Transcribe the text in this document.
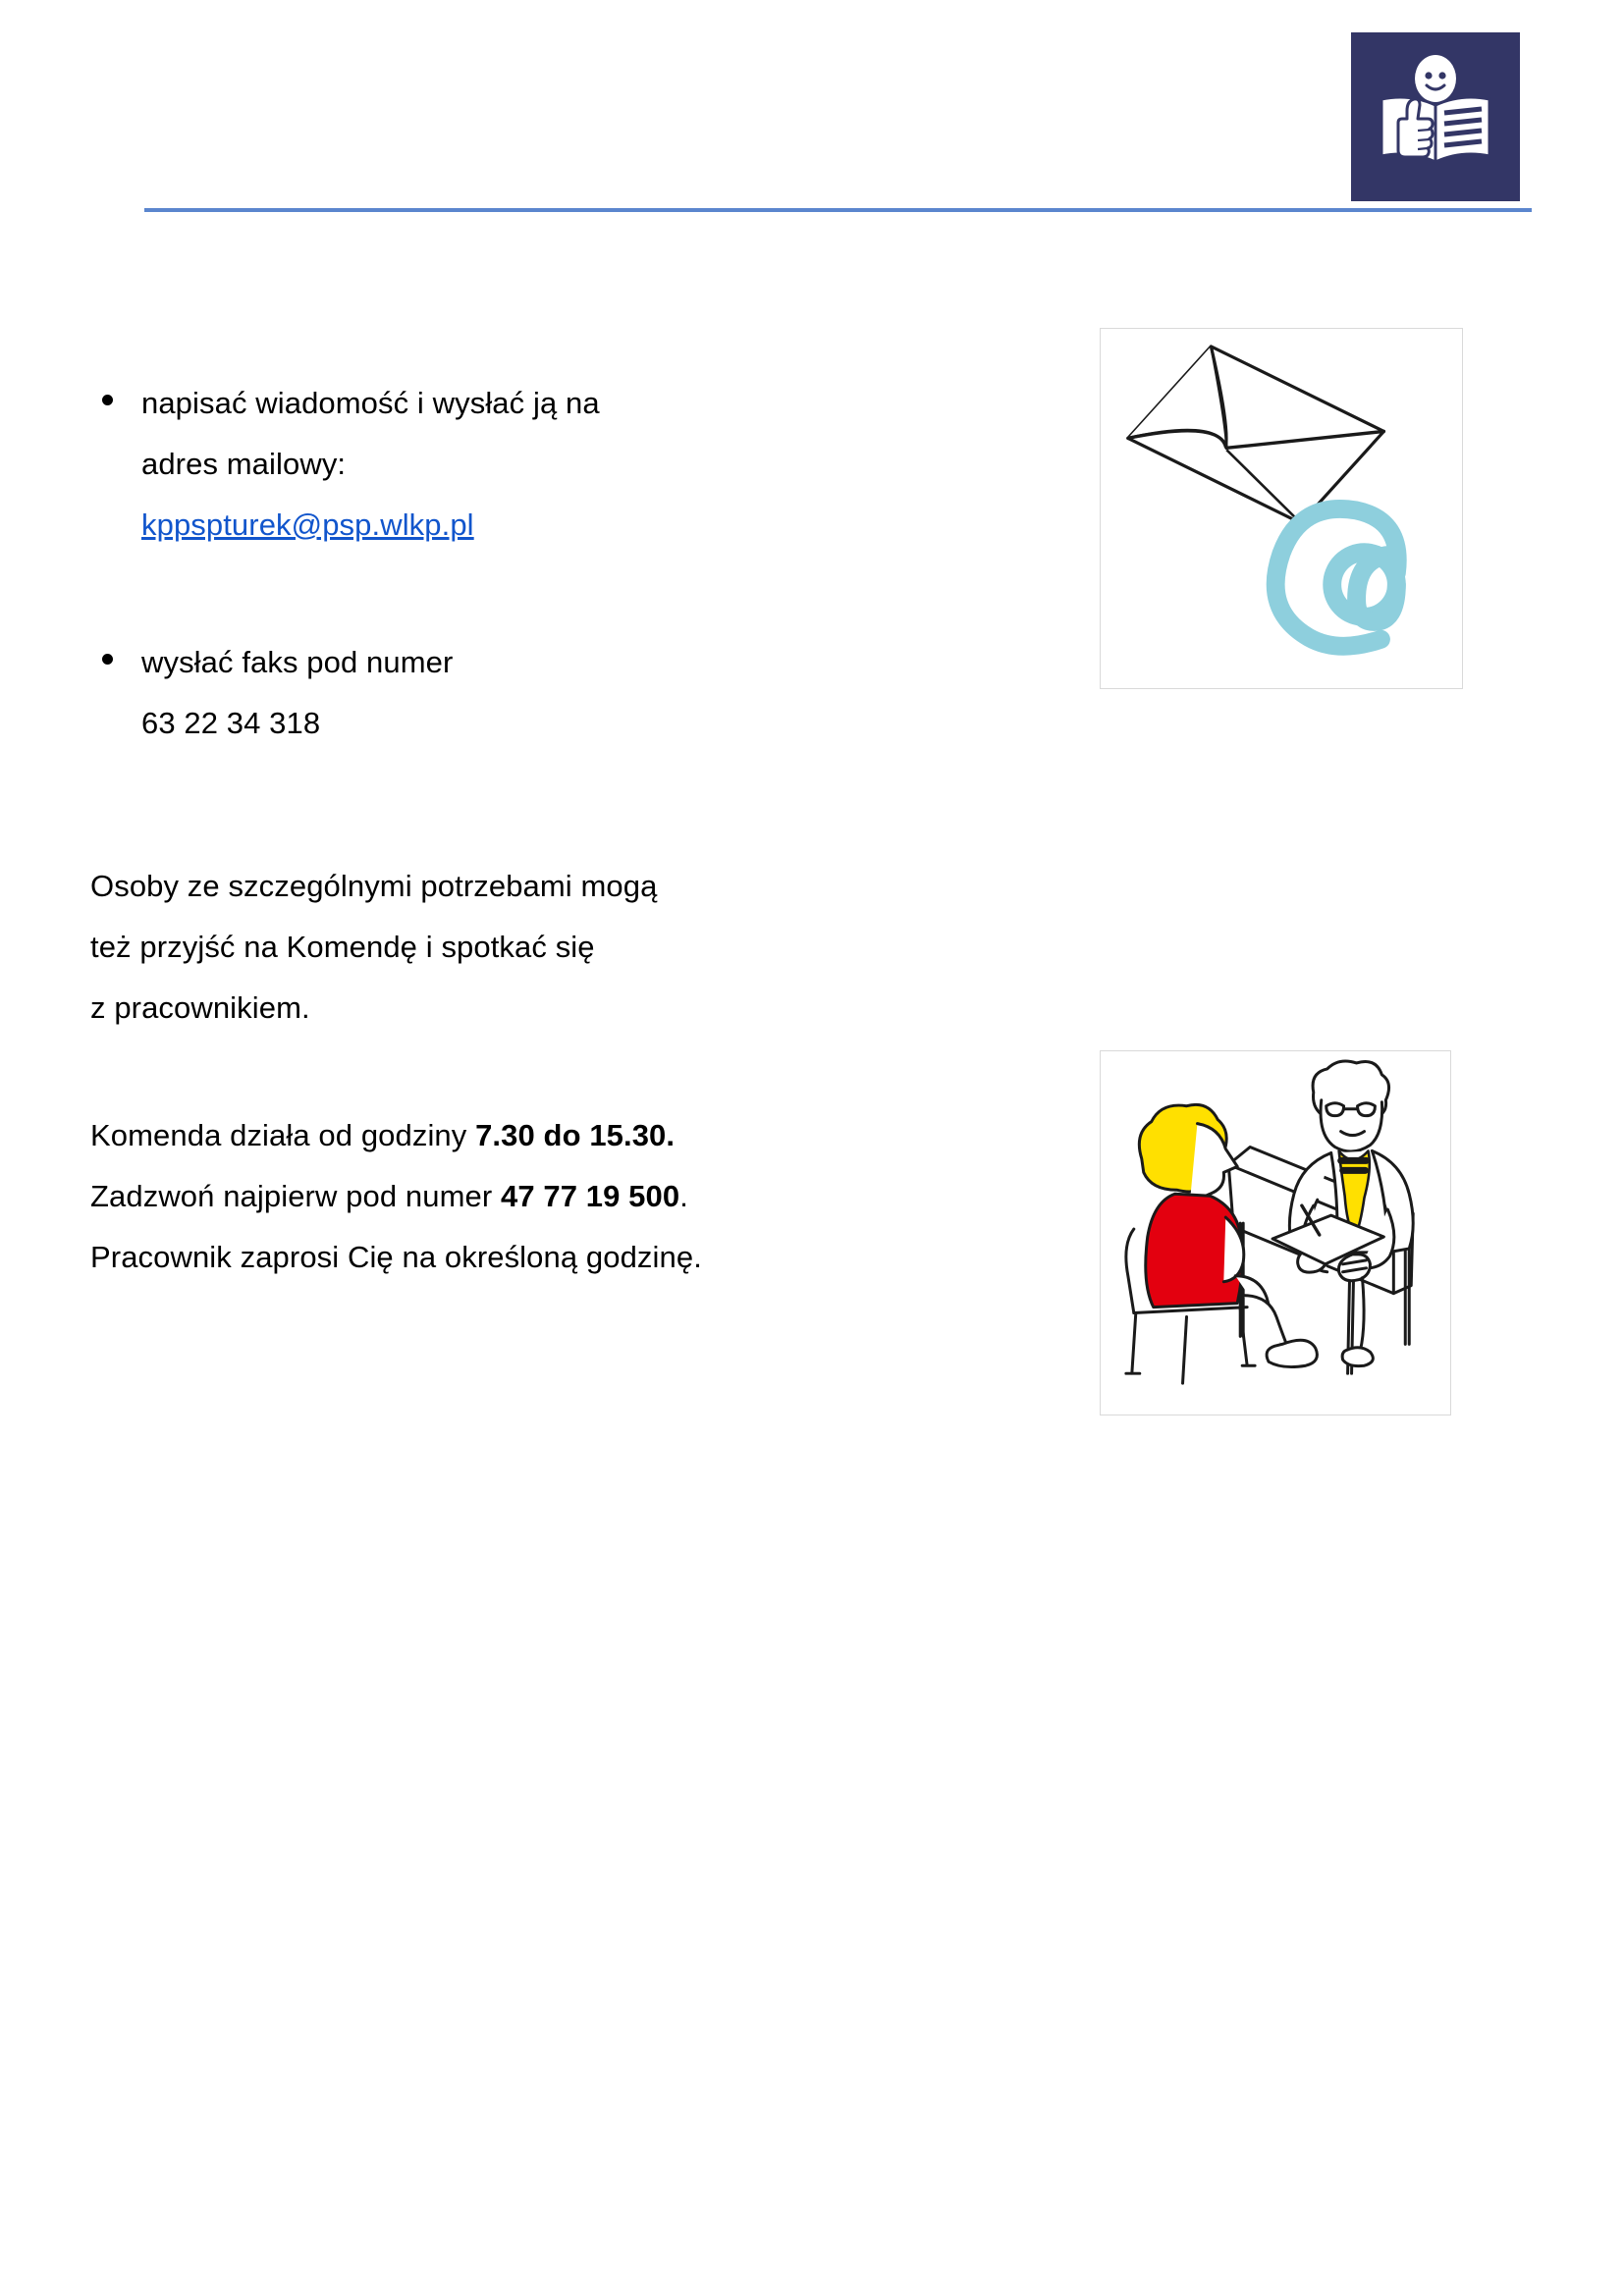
napisać wiadomość i wysłać ją na
adres mailowy:
kppspturek@psp.wlkp.pl
wysłać faks pod numer
63 22 34 318
Osoby ze szczególnymi potrzebami mogą
też przyjść na Komendę i spotkać się
z pracownikiem.
Komenda działa od godziny 7.30 do 15.30.
Zadzwoń najpierw pod numer 47 77 19 500.
Pracownik zaprosi Cię na określoną godzinę.
